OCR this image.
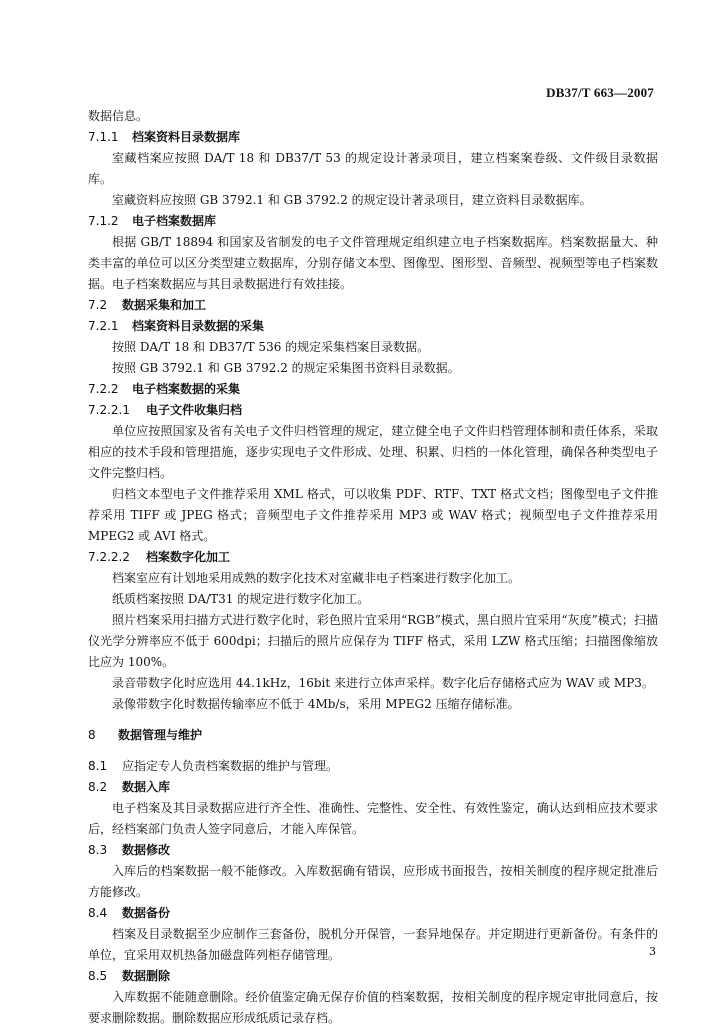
DB37/T 663—2007

数据信息。

7.1.1 档案资料目录数据库

室藏档案应按照 DA/T 18 和 DB37/T 53 的规定设计著录项目，建立档案案卷级、文件级目录数据库。

室藏资料应按照 GB 3792.1 和 GB 3792.2 的规定设计著录项目，建立资料目录数据库。

7.1.2 电子档案数据库

根据 GB/T 18894 和国家及省制发的电子文件管理规定组织建立电子档案数据库。档案数据量大、种类丰富的单位可以区分类型建立数据库，分别存储文本型、图像型、图形型、音频型、视频型等电子档案数据。电子档案数据应与其目录数据进行有效挂接。

7.2 数据采集和加工

7.2.1 档案资料目录数据的采集

按照 DA/T 18 和 DB37/T 536 的规定采集档案目录数据。

按照 GB 3792.1 和 GB 3792.2 的规定采集图书资料目录数据。

7.2.2 电子档案数据的采集

7.2.2.1 电子文件收集归档

单位应按照国家及省有关电子文件归档管理的规定，建立健全电子文件归档管理体制和责任体系，采取相应的技术手段和管理措施，逐步实现电子文件形成、处理、积累、归档的一体化管理，确保各种类型电子文件完整归档。

归档文本型电子文件推荐采用 XML 格式，可以收集 PDF、RTF、TXT 格式文档；图像型电子文件推荐采用 TIFF 或 JPEG 格式；音频型电子文件推荐采用 MP3 或 WAV 格式；视频型电子文件推荐采用 MPEG2 或 AVI 格式。

7.2.2.2 档案数字化加工

档案室应有计划地采用成熟的数字化技术对室藏非电子档案进行数字化加工。

纸质档案按照 DA/T31 的规定进行数字化加工。

照片档案采用扫描方式进行数字化时，彩色照片宜采用“RGB”模式，黑白照片宜采用“灰度”模式；扫描仪光学分辨率应不低于 600dpi；扫描后的照片应保存为 TIFF 格式，采用 LZW 格式压缩；扫描图像缩放比应为 100%。

录音带数字化时应选用 44.1kHz，16bit 来进行立体声采样。数字化后存储格式应为 WAV 或 MP3。

录像带数字化时数据传输率应不低于 4Mb/s，采用 MPEG2 压缩存储标准。

8 数据管理与维护

8.1 应指定专人负责档案数据的维护与管理。

8.2 数据入库

电子档案及其目录数据应进行齐全性、准确性、完整性、安全性、有效性鉴定，确认达到相应技术要求后，经档案部门负责人签字同意后，才能入库保管。

8.3 数据修改

入库后的档案数据一般不能修改。入库数据确有错误，应形成书面报告，按相关制度的程序规定批准后方能修改。

8.4 数据备份

档案及目录数据至少应制作三套备份，脱机分开保管，一套异地保存。并定期进行更新备份。有条件的单位，宜采用双机热备加磁盘阵列柜存储管理。

8.5 数据删除

入库数据不能随意删除。经价值鉴定确无保存价值的档案数据，按相关制度的程序规定审批同意后，按要求删除数据。删除数据应形成纸质记录存档。

3
